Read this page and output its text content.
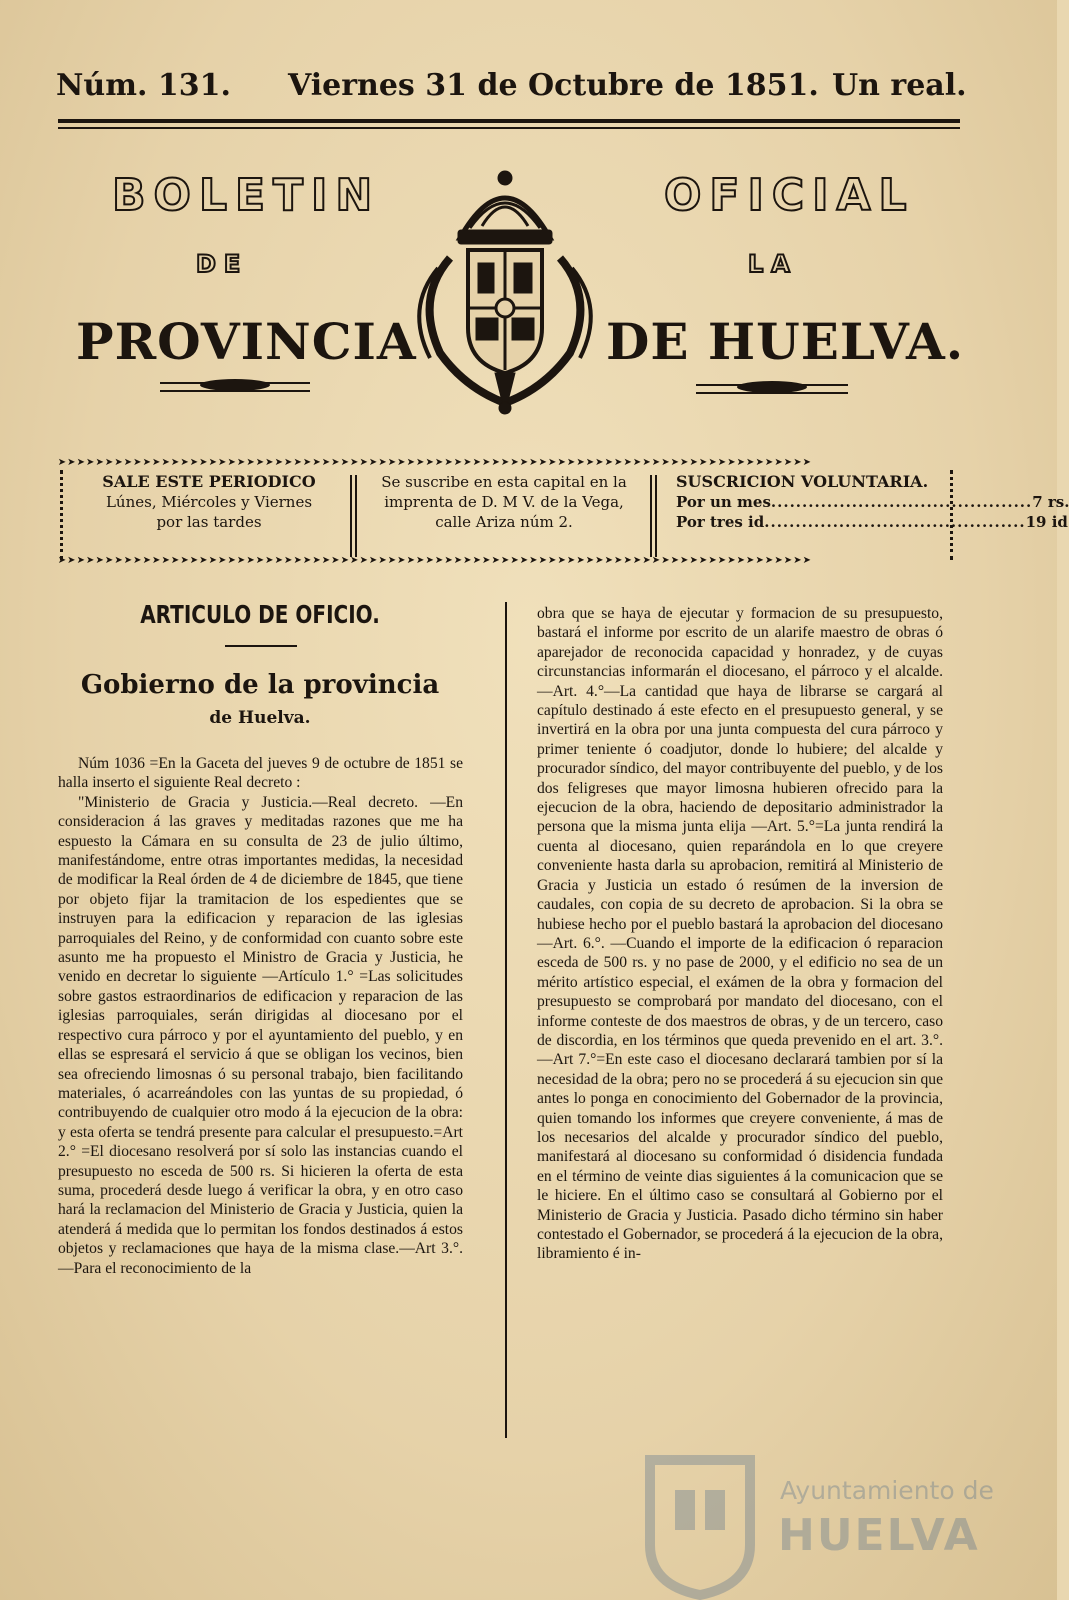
Núm. 131. Viernes 31 de Octubre de 1851. Un real.
BOLETIN	OFICIAL
DE	LA
PROVINCIA	DE HUELVA.
➤➤➤➤➤➤➤➤➤➤➤➤➤➤➤➤➤➤➤➤➤➤➤➤➤➤➤➤➤➤➤➤➤➤➤➤➤➤➤➤➤➤➤➤➤➤➤➤➤➤➤➤➤➤➤➤➤➤➤➤➤➤➤➤➤➤➤➤➤➤➤➤➤➤➤➤➤➤➤➤
➤➤➤➤➤➤➤➤➤➤➤➤➤➤➤➤➤➤➤➤➤➤➤➤➤➤➤➤➤➤➤➤➤➤➤➤➤➤➤➤➤➤➤➤➤➤➤➤➤➤➤➤➤➤➤➤➤➤➤➤➤➤➤➤➤➤➤➤➤➤➤➤➤➤➤➤➤➤➤➤
SALE ESTE PERIODICO
Lúnes, Miércoles y Viernes
por las tardes
Se suscribe en esta capital en la
imprenta de D. M V. de la Vega,
calle Ariza núm 2.
SUSCRICION VOLUNTARIA.
Por un mes .......................................... 7 rs.
Por tres id .......................................... 19 id
ARTICULO DE OFICIO.
Gobierno de la provincia
de Huelva.

Núm 1036 =En la Gaceta del jueves 9 de octubre de 1851 se halla inserto el siguiente Real decreto :

"Ministerio de Gracia y Justicia.—Real decreto. —En consideracion á las graves y meditadas razones que me ha espuesto la Cámara en su consulta de 23 de julio último, manifestándome, entre otras importantes medidas, la necesidad de modificar la Real órden de 4 de diciembre de 1845, que tiene por objeto fijar la tramitacion de los espedientes que se instruyen para la edificacion y reparacion de las iglesias parroquiales del Reino, y de conformidad con cuanto sobre este asunto me ha propuesto el Ministro de Gracia y Justicia, he venido en decretar lo siguiente —Artículo 1.° =Las solicitudes sobre gastos estraordinarios de edificacion y reparacion de las iglesias parroquiales, serán dirigidas al diocesano por el respectivo cura párroco y por el ayuntamiento del pueblo, y en ellas se espresará el servicio á que se obligan los vecinos, bien sea ofreciendo limosnas ó su personal trabajo, bien facilitando materiales, ó acarreándoles con las yuntas de su propiedad, ó contribuyendo de cualquier otro modo á la ejecucion de la obra: y esta oferta se tendrá presente para calcular el presupuesto.=Art 2.° =El diocesano resolverá por sí solo las instancias cuando el presupuesto no esceda de 500 rs. Si hicieren la oferta de esta suma, procederá desde luego á verificar la obra, y en otro caso hará la reclamacion del Ministerio de Gracia y Justicia, quien la atenderá á medida que lo permitan los fondos destinados á estos objetos y reclamaciones que haya de la misma clase.—Art 3.°.—Para el reconocimiento de la

obra que se haya de ejecutar y formacion de su presupuesto, bastará el informe por escrito de un alarife maestro de obras ó aparejador de reconocida capacidad y honradez, y de cuyas circunstancias informarán el diocesano, el párroco y el alcalde.—Art. 4.°—La cantidad que haya de librarse se cargará al capítulo destinado á este efecto en el presupuesto general, y se invertirá en la obra por una junta compuesta del cura párroco y primer teniente ó coadjutor, donde lo hubiere; del alcalde y procurador síndico, del mayor contribuyente del pueblo, y de los dos feligreses que mayor limosna hubieren ofrecido para la ejecucion de la obra, haciendo de depositario administrador la persona que la misma junta elija —Art. 5.°=La junta rendirá la cuenta al diocesano, quien reparándola en lo que creyere conveniente hasta darla su aprobacion, remitirá al Ministerio de Gracia y Justicia un estado ó resúmen de la inversion de caudales, con copia de su decreto de aprobacion. Si la obra se hubiese hecho por el pueblo bastará la aprobacion del diocesano —Art. 6.°. —Cuando el importe de la edificacion ó reparacion esceda de 500 rs. y no pase de 2000, y el edificio no sea de un mérito artístico especial, el exámen de la obra y formacion del presupuesto se comprobará por mandato del diocesano, con el informe conteste de dos maestros de obras, y de un tercero, caso de discordia, en los términos que queda prevenido en el art. 3.°.—Art 7.°=En este caso el diocesano declarará tambien por sí la necesidad de la obra; pero no se procederá á su ejecucion sin que antes lo ponga en conocimiento del Gobernador de la provincia, quien tomando los informes que creyere conveniente, á mas de los necesarios del alcalde y procurador síndico del pueblo, manifestará al diocesano su conformidad ó disidencia fundada en el término de veinte dias siguientes á la comunicacion que se le hiciere. En el último caso se consultará al Gobierno por el Ministerio de Gracia y Justicia. Pasado dicho término sin haber contestado el Gobernador, se procederá á la ejecucion de la obra, libramiento é in-

Ayuntamiento de
HUELVA
